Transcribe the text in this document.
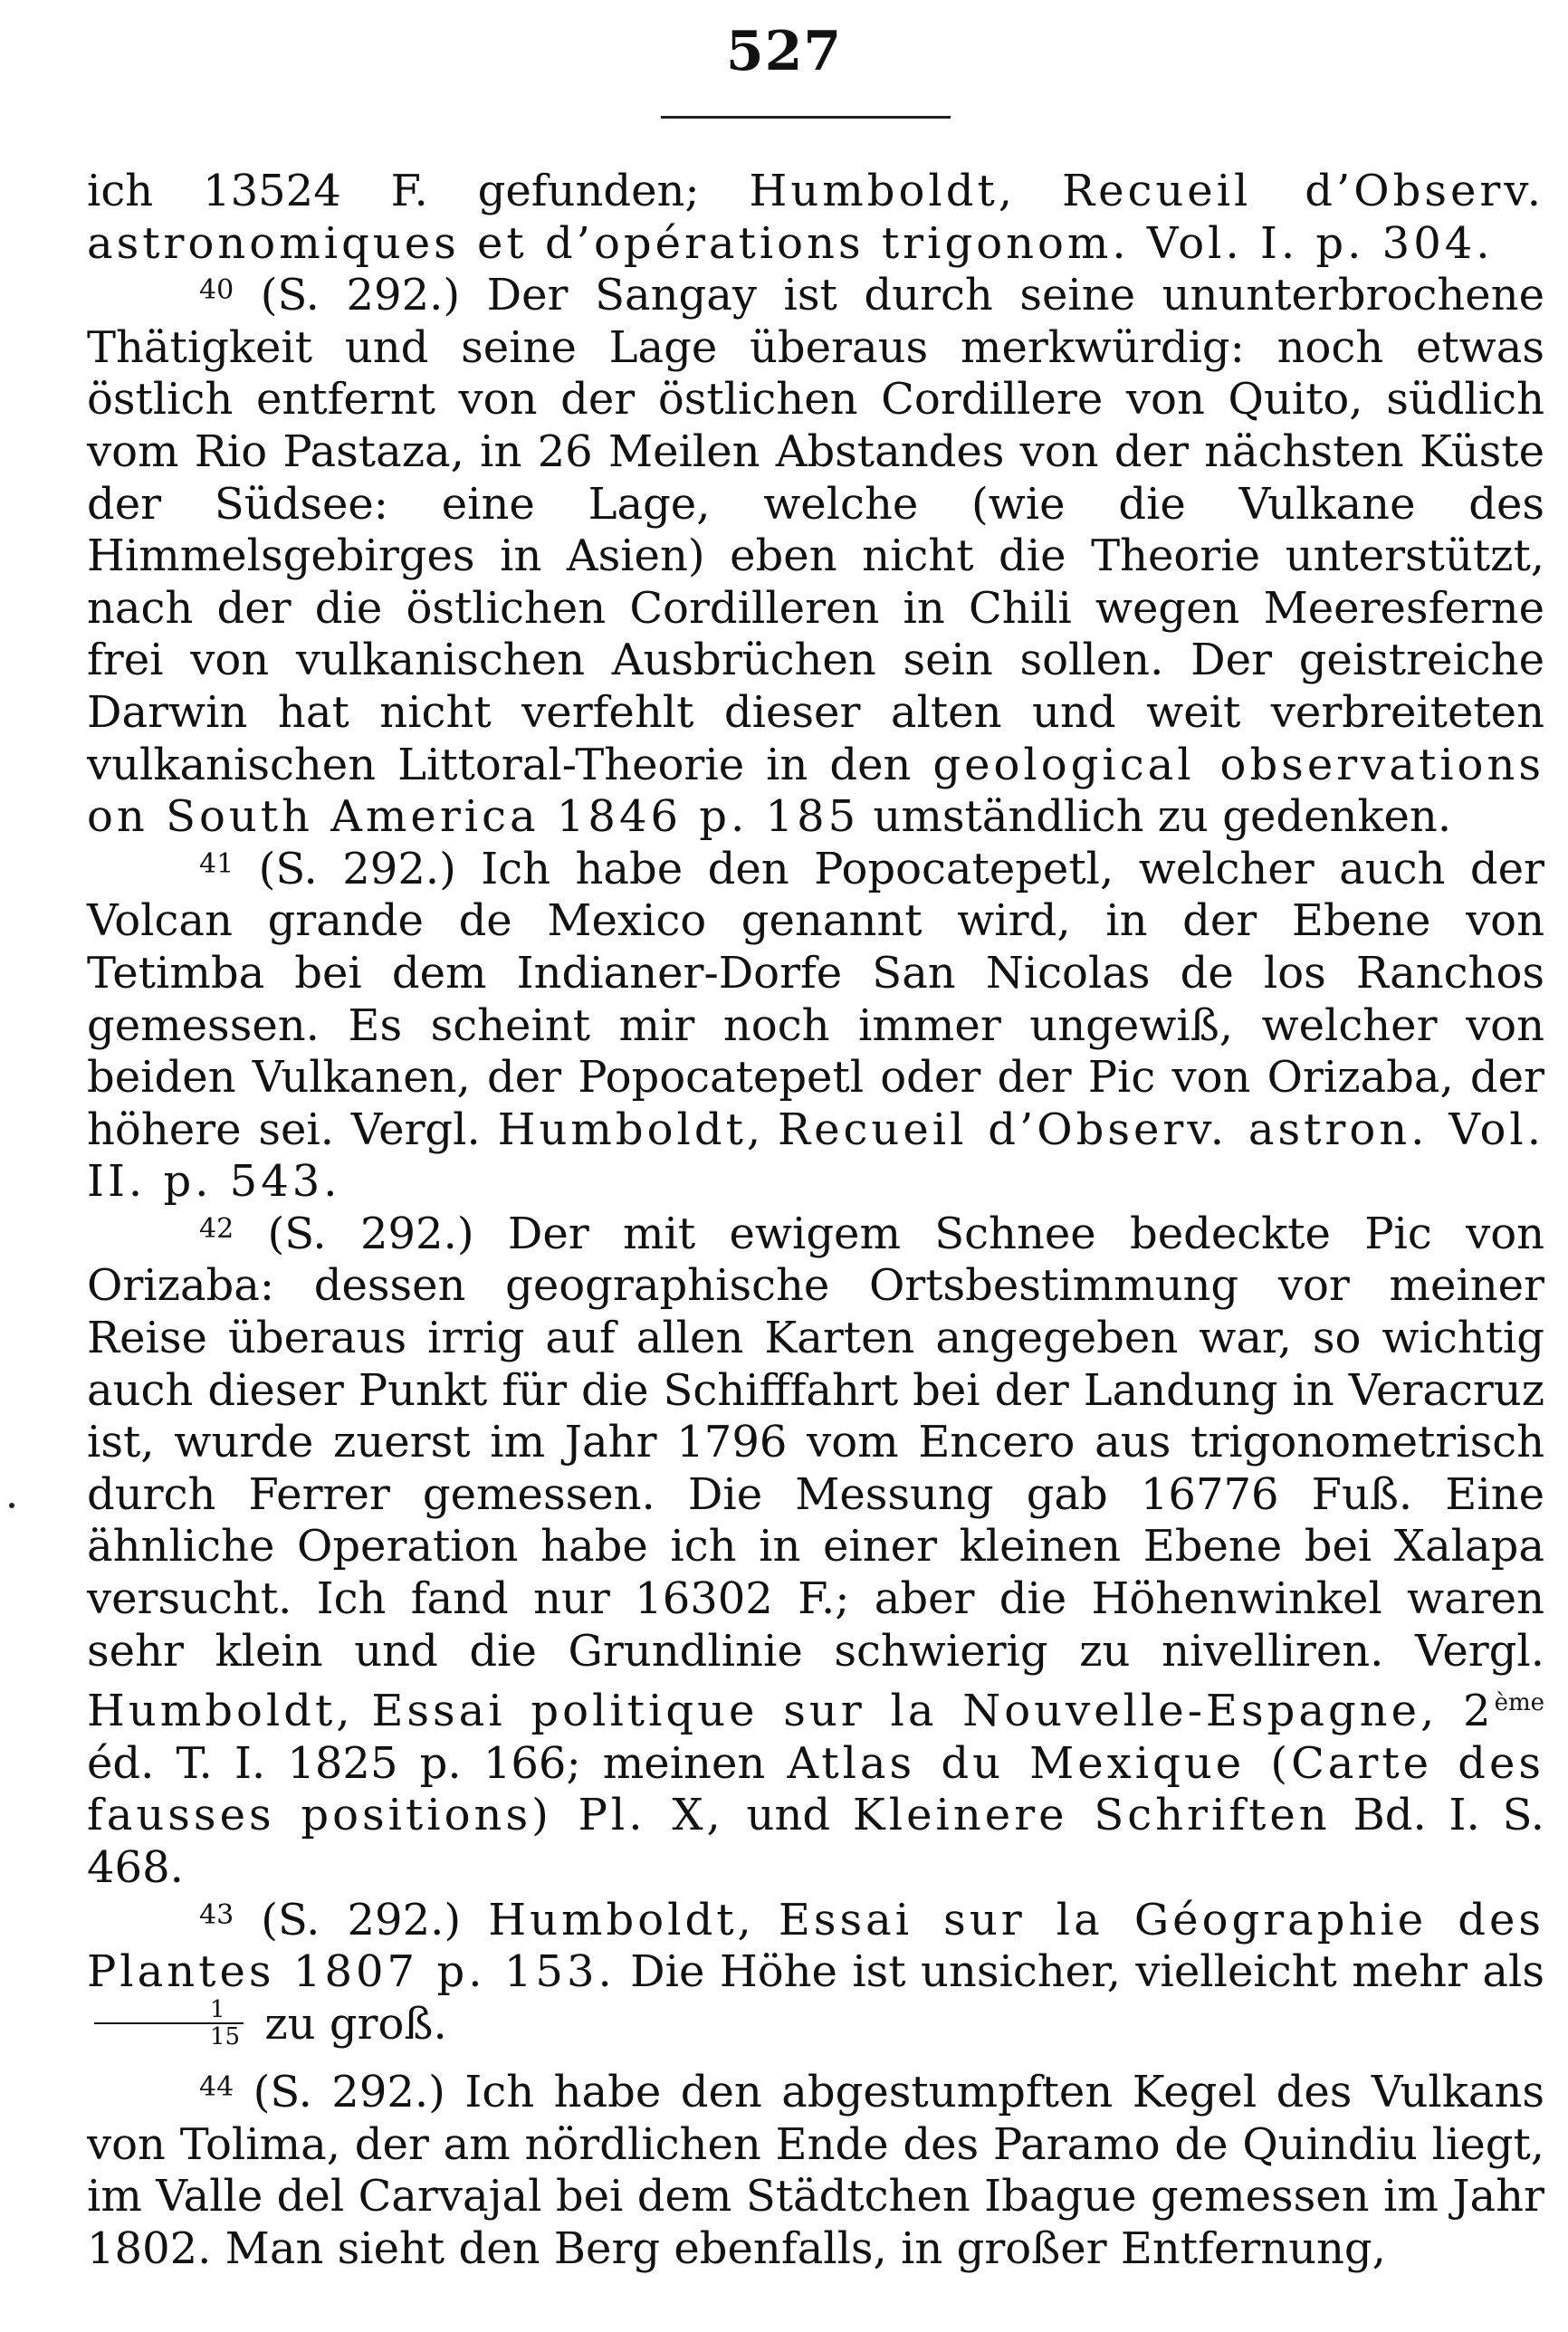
527

ich 13524 F. gefunden; Humboldt, Recueil d’Observ. astronomiques et d’opérations trigonom. Vol. I. p. 304.

$^{40}$ (S. 292.) Der Sangay ist durch seine ununterbrochene Thätigkeit und seine Lage überaus merkwürdig: noch etwas östlich entfernt von der östlichen Cordillere von Quito, südlich vom Rio Pastaza, in 26 Meilen Abstandes von der nächsten Küste der Südsee: eine Lage, welche (wie die Vulkane des Himmelsgebirges in Asien) eben nicht die Theorie unterstützt, nach der die östlichen Cordilleren in Chili wegen Meeresferne frei von vulkanischen Ausbrüchen sein sollen. Der geistreiche Darwin hat nicht verfehlt dieser alten und weit verbreiteten vulkanischen Littoral-Theorie in den geological observations on South America 1846 p. 185 umständlich zu gedenken.

$^{41}$ (S. 292.) Ich habe den Popocatepetl, welcher auch der Volcan grande de Mexico genannt wird, in der Ebene von Tetimba bei dem Indianer-Dorfe San Nicolas de los Ranchos gemessen. Es scheint mir noch immer ungewiß, welcher von beiden Vulkanen, der Popocatepetl oder der Pic von Orizaba, der höhere sei. Vergl. Humboldt, Recueil d’Observ. astron. Vol. II. p. 543.

$^{42}$ (S. 292.) Der mit ewigem Schnee bedeckte Pic von Orizaba: dessen geographische Ortsbestimmung vor meiner Reise überaus irrig auf allen Karten angegeben war, so wichtig auch dieser Punkt für die Schifffahrt bei der Landung in Veracruz ist, wurde zuerst im Jahr 1796 vom Encero aus trigonometrisch durch Ferrer gemessen. Die Messung gab 16776 Fuß. Eine ähnliche Operation habe ich in einer kleinen Ebene bei Xalapa versucht. Ich fand nur 16302 F.; aber die Höhenwinkel waren sehr klein und die Grundlinie schwierig zu nivelliren. Vergl. Humboldt, Essai politique sur la Nouvelle-Espagne, 2ème éd. T. I. 1825 p. 166; meinen Atlas du Mexique (Carte des fausses positions) Pl. X, und Kleinere Schriften Bd. I. S. 468.

$^{43}$ (S. 292.) Humboldt, Essai sur la Géographie des Plantes 1807 p. 153. Die Höhe ist unsicher, vielleicht mehr als
$\frac{1}{15}$ zu groß.

$^{44}$ (S. 292.) Ich habe den abgestumpften Kegel des Vulkans von Tolima, der am nördlichen Ende des Paramo de Quindiu liegt, im Valle del Carvajal bei dem Städtchen Ibague gemessen im Jahr 1802. Man sieht den Berg ebenfalls, in großer Entfernung,
